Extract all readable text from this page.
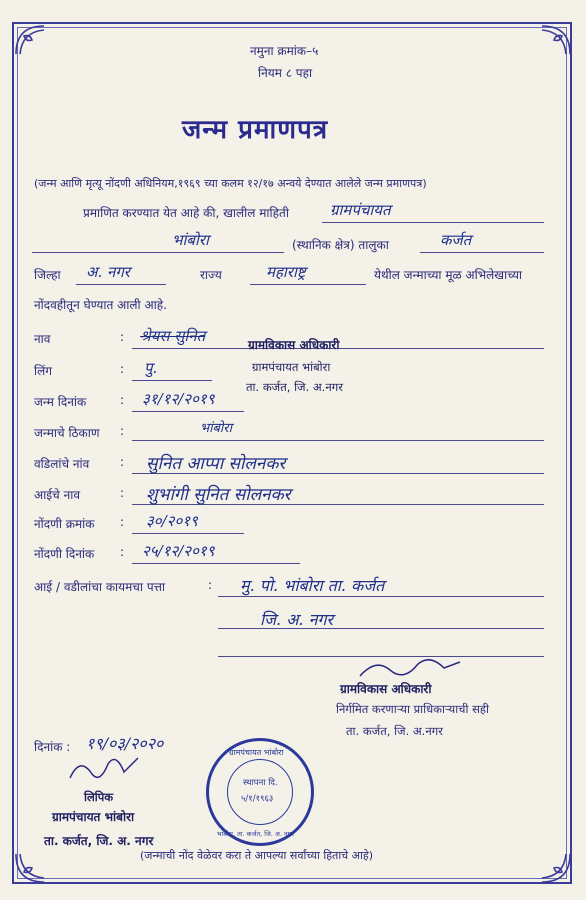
नमुना क्रमांक–५
नियम ८ पहा
जन्म प्रमाणपत्र
(जन्म आणि मृत्यू नोंदणी अधिनियम,१९६९ च्या कलम १२/१७ अन्वये देण्यात आलेले जन्म प्रमाणपत्र)
प्रमाणित करण्यात येत आहे की, खालील माहिती	ग्रामपंचायत
भांबोरा	(स्थानिक क्षेत्र) तालुका	कर्जत
जिल्हा अ. नगर	राज्य	महाराष्ट्र	येथील जन्माच्या मूळ अभिलेखाच्या
नोंदवहीतून घेण्यात आली आहे.
नाव	: श्रेयस सुनित
लिंग	: पु.
ग्रामविकास अधिकारी
ग्रामपंचायत भांबोरा
ता. कर्जत, जि. अ.नगर
जन्म दिनांक	: ३१/१२/२०१९
जन्माचे ठिकाण :	भांबोरा
वडिलांचे नांव	: सुनित आप्पा सोलनकर
आईचे नाव	: शुभांगी सुनित सोलनकर
नोंदणी क्रमांक : ३०/२०१९
नोंदणी दिनांक : २५/१२/२०१९
आई / वडीलांचा कायमचा पत्ता	: मु. पो. भांबोरा ता. कर्जत
जि. अ. नगर
ग्रामविकास अधिकारी
निर्गमित करणाऱ्या प्राधिकाऱ्याची सही
ता. कर्जत, जि. अ.नगर
दिनांक : १९/०३/२०२०
लिपिक
ग्रामपंचायत भांबोरा
ता. कर्जत, जि. अ. नगर
ग्रामपंचायत भांबोरा
स्थापना दि.
५/१/१९६३
भांबोरा, ता. कर्जत, जि. अ. नगर
(जन्माची नोंद वेळेवर करा ते आपल्या सर्वांच्या हिताचे आहे)
